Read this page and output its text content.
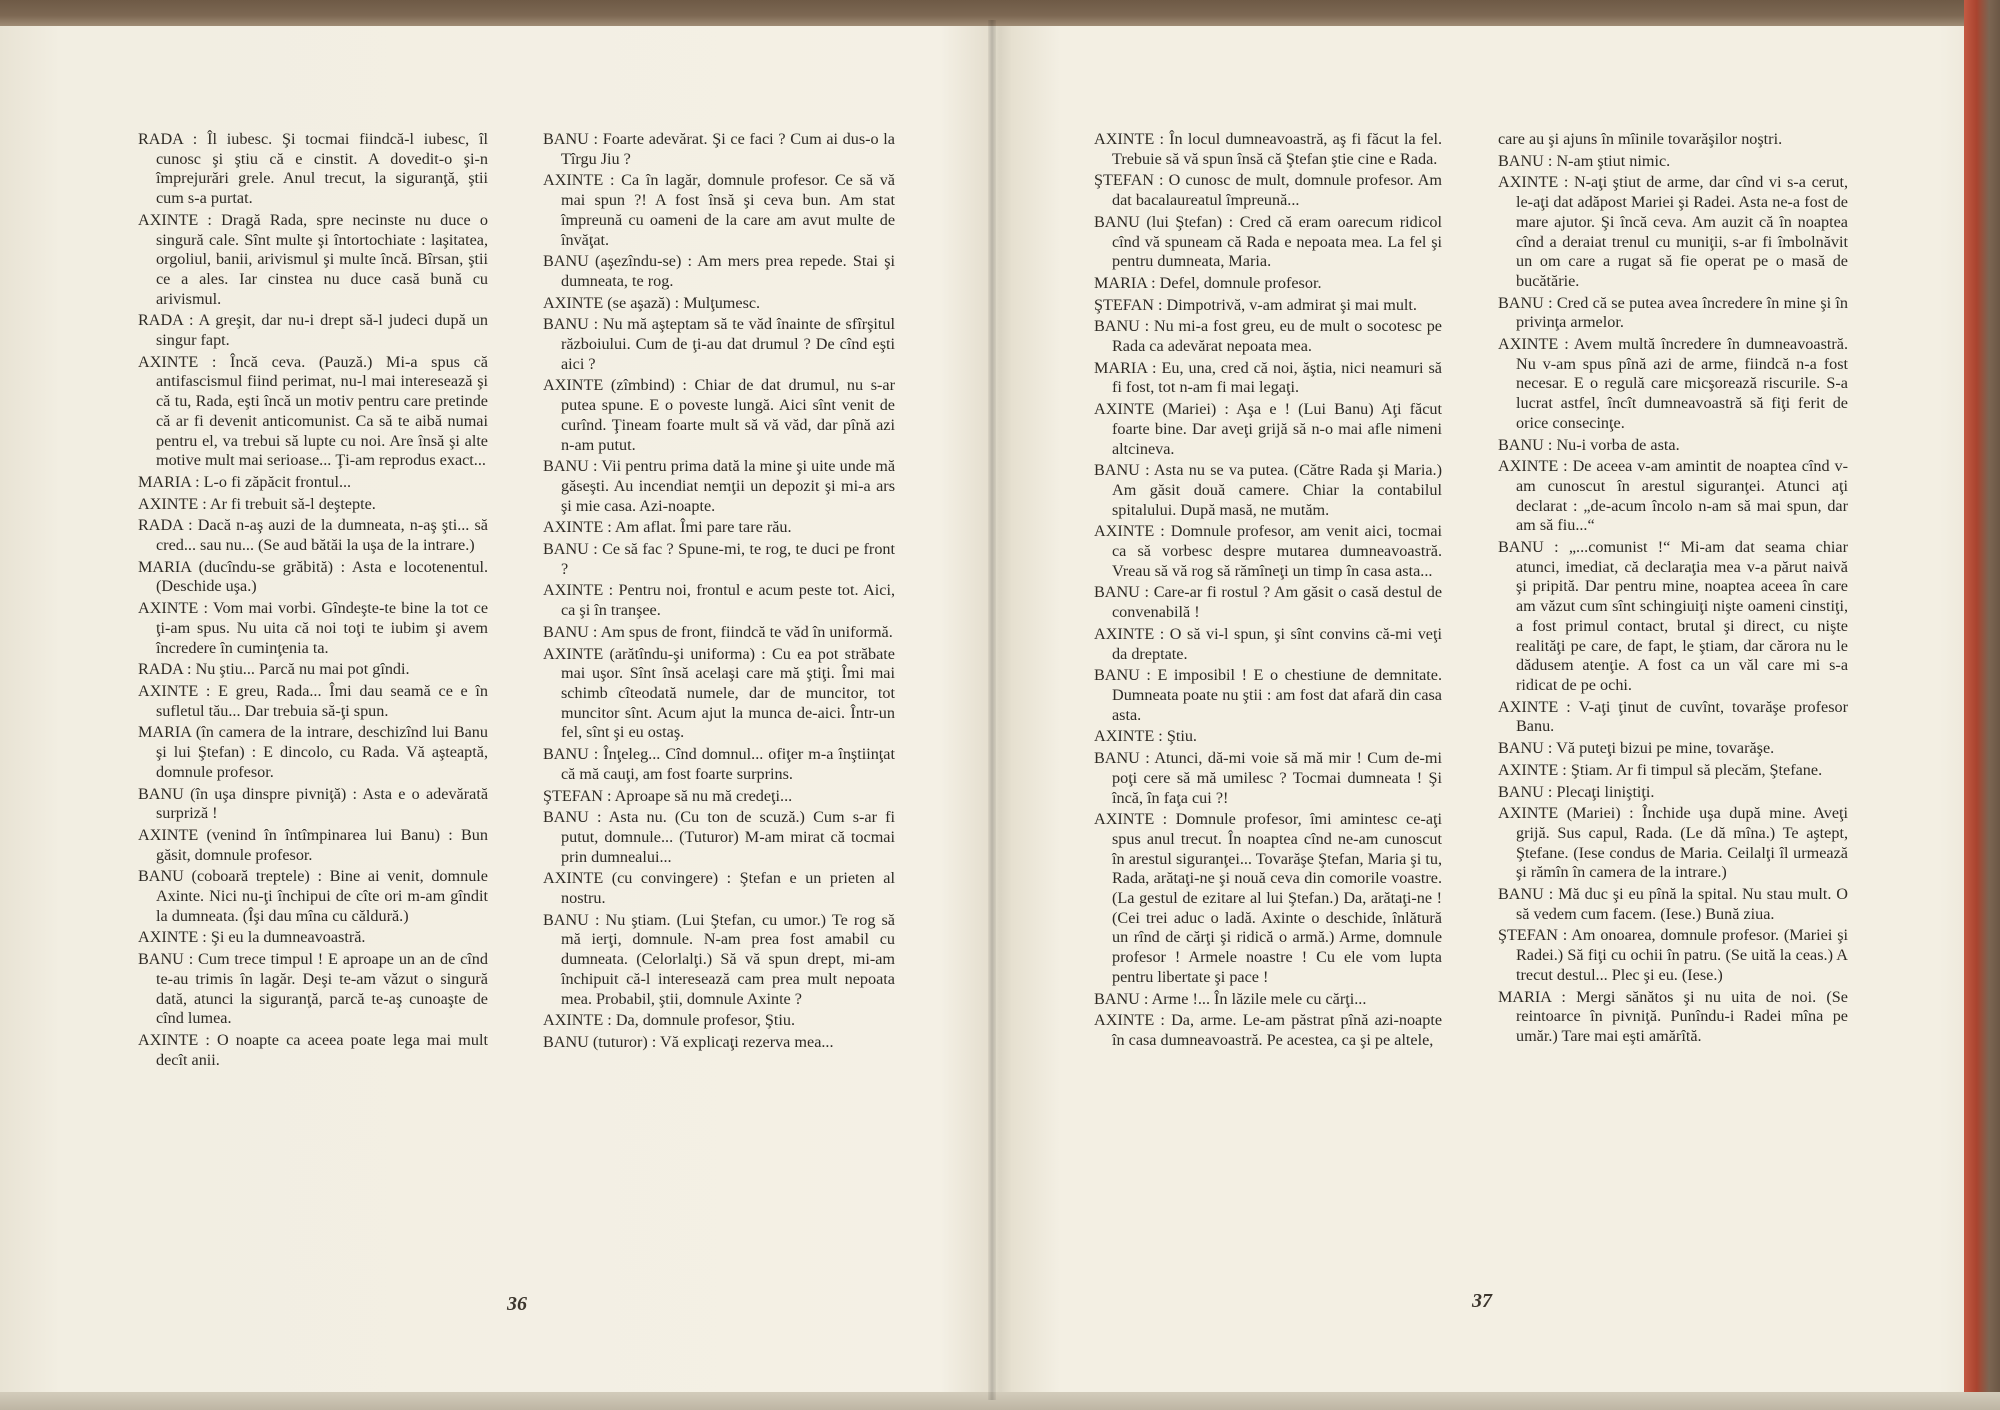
RADA : Îl iubesc. Şi tocmai fiindcă-l iubesc, îl cunosc şi ştiu că e cinstit. A dovedit-o şi-n împrejurări grele. Anul trecut, la siguranţă, ştii cum s-a purtat.

AXINTE : Dragă Rada, spre necinste nu duce o singură cale. Sînt multe şi întortochiate : laşitatea, orgoliul, banii, arivismul şi multe încă. Bîrsan, ştii ce a ales. Iar cinstea nu duce casă bună cu arivismul.

RADA : A greşit, dar nu-i drept să-l judeci după un singur fapt.

AXINTE : Încă ceva. (Pauză.) Mi-a spus că antifascismul fiind perimat, nu-l mai interesează şi că tu, Rada, eşti încă un motiv pentru care pretinde că ar fi devenit anticomunist. Ca să te aibă numai pentru el, va trebui să lupte cu noi. Are însă şi alte motive mult mai serioase... Ţi-am reprodus exact...

MARIA : L-o fi zăpăcit frontul...

AXINTE : Ar fi trebuit să-l deştepte.

RADA : Dacă n-aş auzi de la dumneata, n-aş şti... să cred... sau nu... (Se aud bătăi la uşa de la intrare.)

MARIA (ducîndu-se grăbită) : Asta e locotenentul. (Deschide uşa.)

AXINTE : Vom mai vorbi. Gîndeşte-te bine la tot ce ţi-am spus. Nu uita că noi toţi te iubim şi avem încredere în cuminţenia ta.

RADA : Nu ştiu... Parcă nu mai pot gîndi.

AXINTE : E greu, Rada... Îmi dau seamă ce e în sufletul tău... Dar trebuia să-ţi spun.

MARIA (în camera de la intrare, deschizînd lui Banu şi lui Ştefan) : E dincolo, cu Rada. Vă aşteaptă, domnule profesor.

BANU (în uşa dinspre pivniţă) : Asta e o adevărată surpriză !

AXINTE (venind în întîmpinarea lui Banu) : Bun găsit, domnule profesor.

BANU (coboară treptele) : Bine ai venit, domnule Axinte. Nici nu-ţi închipui de cîte ori m-am gîndit la dumneata. (Îşi dau mîna cu căldură.)

AXINTE : Şi eu la dumneavoastră.

BANU : Cum trece timpul ! E aproape un an de cînd te-au trimis în lagăr. Deşi te-am văzut o singură dată, atunci la siguranţă, parcă te-aş cunoaşte de cînd lumea.

AXINTE : O noapte ca aceea poate lega mai mult decît anii.

BANU : Foarte adevărat. Şi ce faci ? Cum ai dus-o la Tîrgu Jiu ?

AXINTE : Ca în lagăr, domnule profesor. Ce să vă mai spun ?! A fost însă şi ceva bun. Am stat împreună cu oameni de la care am avut multe de învăţat.

BANU (aşezîndu-se) : Am mers prea repede. Stai şi dumneata, te rog.

AXINTE (se aşază) : Mulţumesc.

BANU : Nu mă aşteptam să te văd înainte de sfîrşitul războiului. Cum de ţi-au dat drumul ? De cînd eşti aici ?

AXINTE (zîmbind) : Chiar de dat drumul, nu s-ar putea spune. E o poveste lungă. Aici sînt venit de curînd. Ţineam foarte mult să vă văd, dar pînă azi n-am putut.

BANU : Vii pentru prima dată la mine şi uite unde mă găseşti. Au incendiat nemţii un depozit şi mi-a ars şi mie casa. Azi-noapte.

AXINTE : Am aflat. Îmi pare tare rău.

BANU : Ce să fac ? Spune-mi, te rog, te duci pe front ?

AXINTE : Pentru noi, frontul e acum peste tot. Aici, ca şi în tranşee.

BANU : Am spus de front, fiindcă te văd în uniformă.

AXINTE (arătîndu-şi uniforma) : Cu ea pot străbate mai uşor. Sînt însă acelaşi care mă ştiţi. Îmi mai schimb cîteodată numele, dar de muncitor, tot muncitor sînt. Acum ajut la munca de-aici. Într-un fel, sînt şi eu ostaş.

BANU : Înţeleg... Cînd domnul... ofiţer m-a înştiinţat că mă cauţi, am fost foarte surprins.

ŞTEFAN : Aproape să nu mă credeţi...

BANU : Asta nu. (Cu ton de scuză.) Cum s-ar fi putut, domnule... (Tuturor) M-am mirat că tocmai prin dumnealui...

AXINTE (cu convingere) : Ştefan e un prieten al nostru.

BANU : Nu ştiam. (Lui Ştefan, cu umor.) Te rog să mă ierţi, domnule. N-am prea fost amabil cu dumneata. (Celorlalţi.) Să vă spun drept, mi-am închipuit că-l interesează cam prea mult nepoata mea. Probabil, ştii, domnule Axinte ?

AXINTE : Da, domnule profesor, Ştiu.

BANU (tuturor) : Vă explicaţi rezerva mea...

36

AXINTE : În locul dumneavoastră, aş fi făcut la fel. Trebuie să vă spun însă că Ştefan ştie cine e Rada.

ŞTEFAN : O cunosc de mult, domnule profesor. Am dat bacalaureatul împreună...

BANU (lui Ştefan) : Cred că eram oarecum ridicol cînd vă spuneam că Rada e nepoata mea. La fel şi pentru dumneata, Maria.

MARIA : Defel, domnule profesor.

ŞTEFAN : Dimpotrivă, v-am admirat şi mai mult.

BANU : Nu mi-a fost greu, eu de mult o socotesc pe Rada ca adevărat nepoata mea.

MARIA : Eu, una, cred că noi, ăştia, nici neamuri să fi fost, tot n-am fi mai legaţi.

AXINTE (Mariei) : Aşa e ! (Lui Banu) Aţi făcut foarte bine. Dar aveţi grijă să n-o mai afle nimeni altcineva.

BANU : Asta nu se va putea. (Către Rada şi Maria.) Am găsit două camere. Chiar la contabilul spitalului. După masă, ne mutăm.

AXINTE : Domnule profesor, am venit aici, tocmai ca să vorbesc despre mutarea dumneavoastră. Vreau să vă rog să rămîneţi un timp în casa asta...

BANU : Care-ar fi rostul ? Am găsit o casă destul de convenabilă !

AXINTE : O să vi-l spun, şi sînt convins că-mi veţi da dreptate.

BANU : E imposibil ! E o chestiune de demnitate. Dumneata poate nu ştii : am fost dat afară din casa asta.

AXINTE : Ştiu.

BANU : Atunci, dă-mi voie să mă mir ! Cum de-mi poţi cere să mă umilesc ? Tocmai dumneata ! Şi încă, în faţa cui ?!

AXINTE : Domnule profesor, îmi amintesc ce-aţi spus anul trecut. În noaptea cînd ne-am cunoscut în arestul siguranţei... Tovarăşe Ştefan, Maria şi tu, Rada, arătaţi-ne şi nouă ceva din comorile voastre. (La gestul de ezitare al lui Ştefan.) Da, arătaţi-ne ! (Cei trei aduc o ladă. Axinte o deschide, înlătură un rînd de cărţi şi ridică o armă.) Arme, domnule profesor ! Armele noastre ! Cu ele vom lupta pentru libertate şi pace !

BANU : Arme !... În lăzile mele cu cărţi...

AXINTE : Da, arme. Le-am păstrat pînă azi-noapte în casa dumneavoastră. Pe acestea, ca şi pe altele,

care au şi ajuns în mîinile tovarăşilor noştri.

BANU : N-am ştiut nimic.

AXINTE : N-aţi ştiut de arme, dar cînd vi s-a cerut, le-aţi dat adăpost Mariei şi Radei. Asta ne-a fost de mare ajutor. Şi încă ceva. Am auzit că în noaptea cînd a deraiat trenul cu muniţii, s-ar fi îmbolnăvit un om care a rugat să fie operat pe o masă de bucătărie.

BANU : Cred că se putea avea încredere în mine şi în privinţa armelor.

AXINTE : Avem multă încredere în dumneavoastră. Nu v-am spus pînă azi de arme, fiindcă n-a fost necesar. E o regulă care micşorează riscurile. S-a lucrat astfel, încît dumneavoastră să fiţi ferit de orice consecinţe.

BANU : Nu-i vorba de asta.

AXINTE : De aceea v-am amintit de noaptea cînd v-am cunoscut în arestul siguranţei. Atunci aţi declarat : „de-acum încolo n-am să mai spun, dar am să fiu...“

BANU : „...comunist !“ Mi-am dat seama chiar atunci, imediat, că declaraţia mea v-a părut naivă şi pripită. Dar pentru mine, noaptea aceea în care am văzut cum sînt schingiuiţi nişte oameni cinstiţi, a fost primul contact, brutal şi direct, cu nişte realităţi pe care, de fapt, le ştiam, dar cărora nu le dădusem atenţie. A fost ca un văl care mi s-a ridicat de pe ochi.

AXINTE : V-aţi ţinut de cuvînt, tovarăşe profesor Banu.

BANU : Vă puteţi bizui pe mine, tovarăşe.

AXINTE : Ştiam. Ar fi timpul să plecăm, Ştefane.

BANU : Plecaţi liniştiţi.

AXINTE (Mariei) : Închide uşa după mine. Aveţi grijă. Sus capul, Rada. (Le dă mîna.) Te aştept, Ştefane. (Iese condus de Maria. Ceilalţi îl urmează şi rămîn în camera de la intrare.)

BANU : Mă duc şi eu pînă la spital. Nu stau mult. O să vedem cum facem. (Iese.) Bună ziua.

ŞTEFAN : Am onoarea, domnule profesor. (Mariei şi Radei.) Să fiţi cu ochii în patru. (Se uită la ceas.) A trecut destul... Plec şi eu. (Iese.)

MARIA : Mergi sănătos şi nu uita de noi. (Se reintoarce în pivniţă. Punîndu-i Radei mîna pe umăr.) Tare mai eşti amărîtă.

37
